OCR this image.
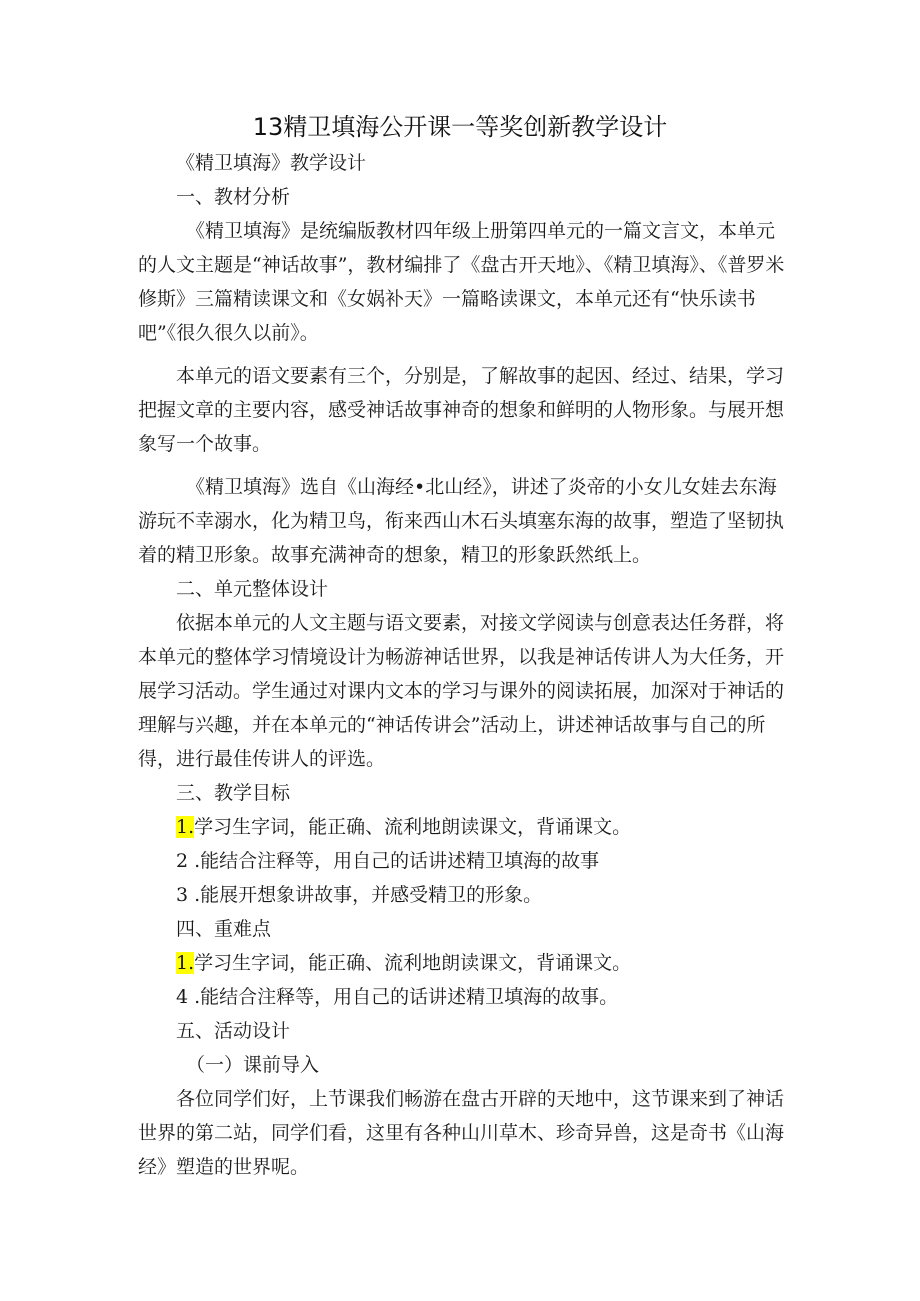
13精卫填海公开课一等奖创新教学设计

《精卫填海》教学设计

一、教材分析

《精卫填海》是统编版教材四年级上册第四单元的一篇文言文，本单元的人文主题是“神话故事”，教材编排了《盘古开天地》、《精卫填海》、《普罗米修斯》三篇精读课文和《女娲补天》一篇略读课文，本单元还有“快乐读书吧”《很久很久以前》。

本单元的语文要素有三个，分别是，了解故事的起因、经过、结果，学习把握文章的主要内容，感受神话故事神奇的想象和鲜明的人物形象。与展开想象写一个故事。

《精卫填海》选自《山海经•北山经》，讲述了炎帝的小女儿女娃去东海游玩不幸溺水，化为精卫鸟，衔来西山木石头填塞东海的故事，塑造了坚韧执着的精卫形象。故事充满神奇的想象，精卫的形象跃然纸上。

二、单元整体设计

依据本单元的人文主题与语文要素，对接文学阅读与创意表达任务群，将本单元的整体学习情境设计为畅游神话世界，以我是神话传讲人为大任务，开展学习活动。学生通过对课内文本的学习与课外的阅读拓展，加深对于神话的理解与兴趣，并在本单元的“神话传讲会”活动上，讲述神话故事与自己的所得，进行最佳传讲人的评选。

三、教学目标

1.学习生字词，能正确、流利地朗读课文，背诵课文。

2 .能结合注释等，用自己的话讲述精卫填海的故事

3 .能展开想象讲故事，并感受精卫的形象。

四、重难点

1.学习生字词，能正确、流利地朗读课文，背诵课文。

4 .能结合注释等，用自己的话讲述精卫填海的故事。

五、活动设计

（一）课前导入

各位同学们好，上节课我们畅游在盘古开辟的天地中，这节课来到了神话世界的第二站，同学们看，这里有各种山川草木、珍奇异兽，这是奇书《山海经》塑造的世界呢。
